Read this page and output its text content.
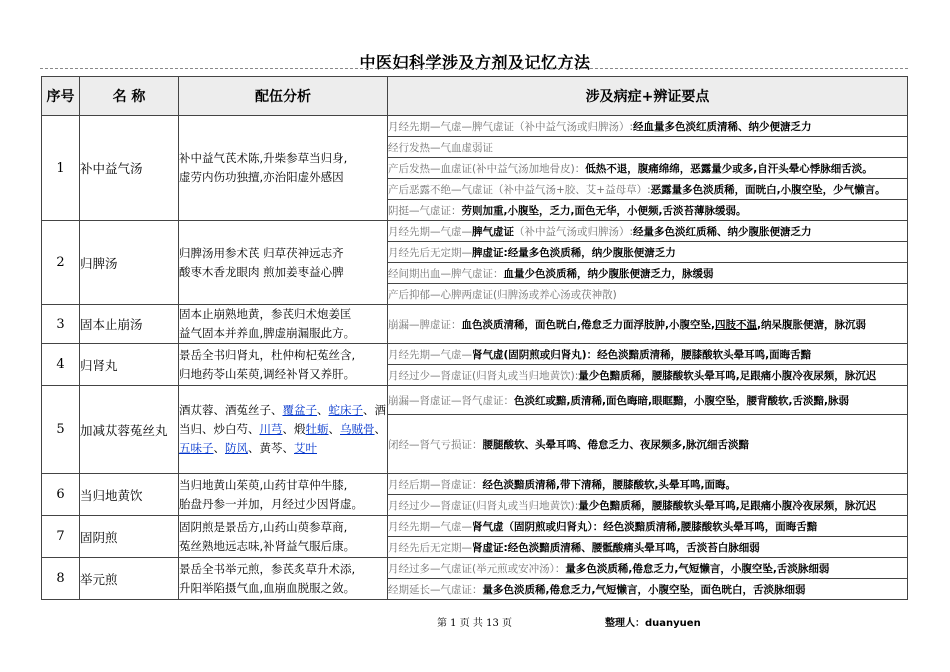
中医妇科学涉及方剂及记忆方法
序号	名 称	配伍分析	涉及病症+辨证要点
1	补中益气汤	补中益气芪术陈,升柴参草当归身,
虚劳内伤功独擅,亦治阳虚外感因	月经先期—气虚—脾气虚证（补中益气汤或归脾汤）:经血量多色淡红质清稀、纳少便溏乏力
			经行发热—气血虚弱证
			产后发热—血虚证(补中益气汤加地骨皮)：低热不退，腹痛绵绵，恶露量少或多,自汗头晕心悸脉细舌淡。
			产后恶露不绝—气虚证（补中益气汤+胶、艾+益母草）:恶露量多色淡质稀，面晄白,小腹空坠，少气懒言。
			阴挺—气虚证：劳则加重,小腹坠，乏力,面色无华，小便频,舌淡苔薄脉缓弱。
2	归脾汤	归脾汤用参术芪 归草茯神远志齐
酸枣木香龙眼肉 煎加姜枣益心脾	月经先期—气虚—脾气虚证（补中益气汤或归脾汤）:经量多色淡红质稀、纳少腹胀便溏乏力
			月经先后无定期—脾虚证:经量多色淡质稀，纳少腹胀便溏乏力
			经间期出血—脾气虚证：血量少色淡质稀，纳少腹胀便溏乏力，脉缓弱
			产后抑郁—心脾两虚证(归脾汤或养心汤或茯神散)
3	固本止崩汤	固本止崩熟地黄，参芪归术炮姜匡
益气固本并养血,脾虚崩漏服此方。	崩漏—脾虚证：血色淡质清稀，面色晄白,倦怠乏力面浮肢肿,小腹空坠,四肢不温,纳呆腹胀便溏，脉沉弱
4	归肾丸	景岳全书归肾丸，杜仲枸杞菟丝含,
归地药苓山茱萸,调经补肾又养肝。	月经先期—气虚—肾气虚(固阴煎或归肾丸)：经色淡黯质清稀，腰膝酸软头晕耳鸣,面晦舌黯
			月经过少—肾虚证(归肾丸或当归地黄饮):量少色黯质稀，腰膝酸软头晕耳鸣,足跟痛小腹冷夜尿频，脉沉迟
5	加减苁蓉菟丝丸	酒苁蓉、酒菟丝子、覆盆子、蛇床子、酒当归、炒白芍、川芎、煅牡蛎、乌贼骨、五味子、防风、黄芩、艾叶	崩漏—肾虚证—肾气虚证：色淡红或黯,质清稀,面色晦暗,眼眶黯，小腹空坠，腰背酸软,舌淡黯,脉弱
			闭经—肾气亏损证：腰腿酸软、头晕耳鸣、倦怠乏力、夜尿频多,脉沉细舌淡黯
6	当归地黄饮	当归地黄山茱萸,山药甘草仲牛膝,
胎盘丹参一并加，月经过少因肾虚。	月经后期—肾虚证：经色淡黯质清稀,带下清稀，腰膝酸软,头晕耳鸣,面晦。
			月经过少—肾虚证(归肾丸或当归地黄饮):量少色黯质稀，腰膝酸软头晕耳鸣,足跟痛小腹冷夜尿频，脉沉迟
7	固阴煎	固阴煎是景岳方,山药山萸参草商,
菟丝熟地远志味,补肾益气服后康。	月经先期—气虚—肾气虚（固阴煎或归肾丸）：经色淡黯质清稀,腰膝酸软头晕耳鸣，面晦舌黯
			月经先后无定期—肾虚证:经色淡黯质清稀、腰骶酸痛头晕耳鸣，舌淡苔白脉细弱
8	举元煎	景岳全书举元煎，参芪炙草升术添,
升阳举陷摄气血,血崩血脱服之敛。	月经过多—气虚证(举元煎或安冲汤）：量多色淡质稀,倦怠乏力,气短懒言，小腹空坠,舌淡脉细弱
			经期延长—气虚证：量多色淡质稀,倦怠乏力,气短懒言，小腹空坠，面色晄白，舌淡脉细弱
第 1 页 共 13 页	整理人：duanyuen
